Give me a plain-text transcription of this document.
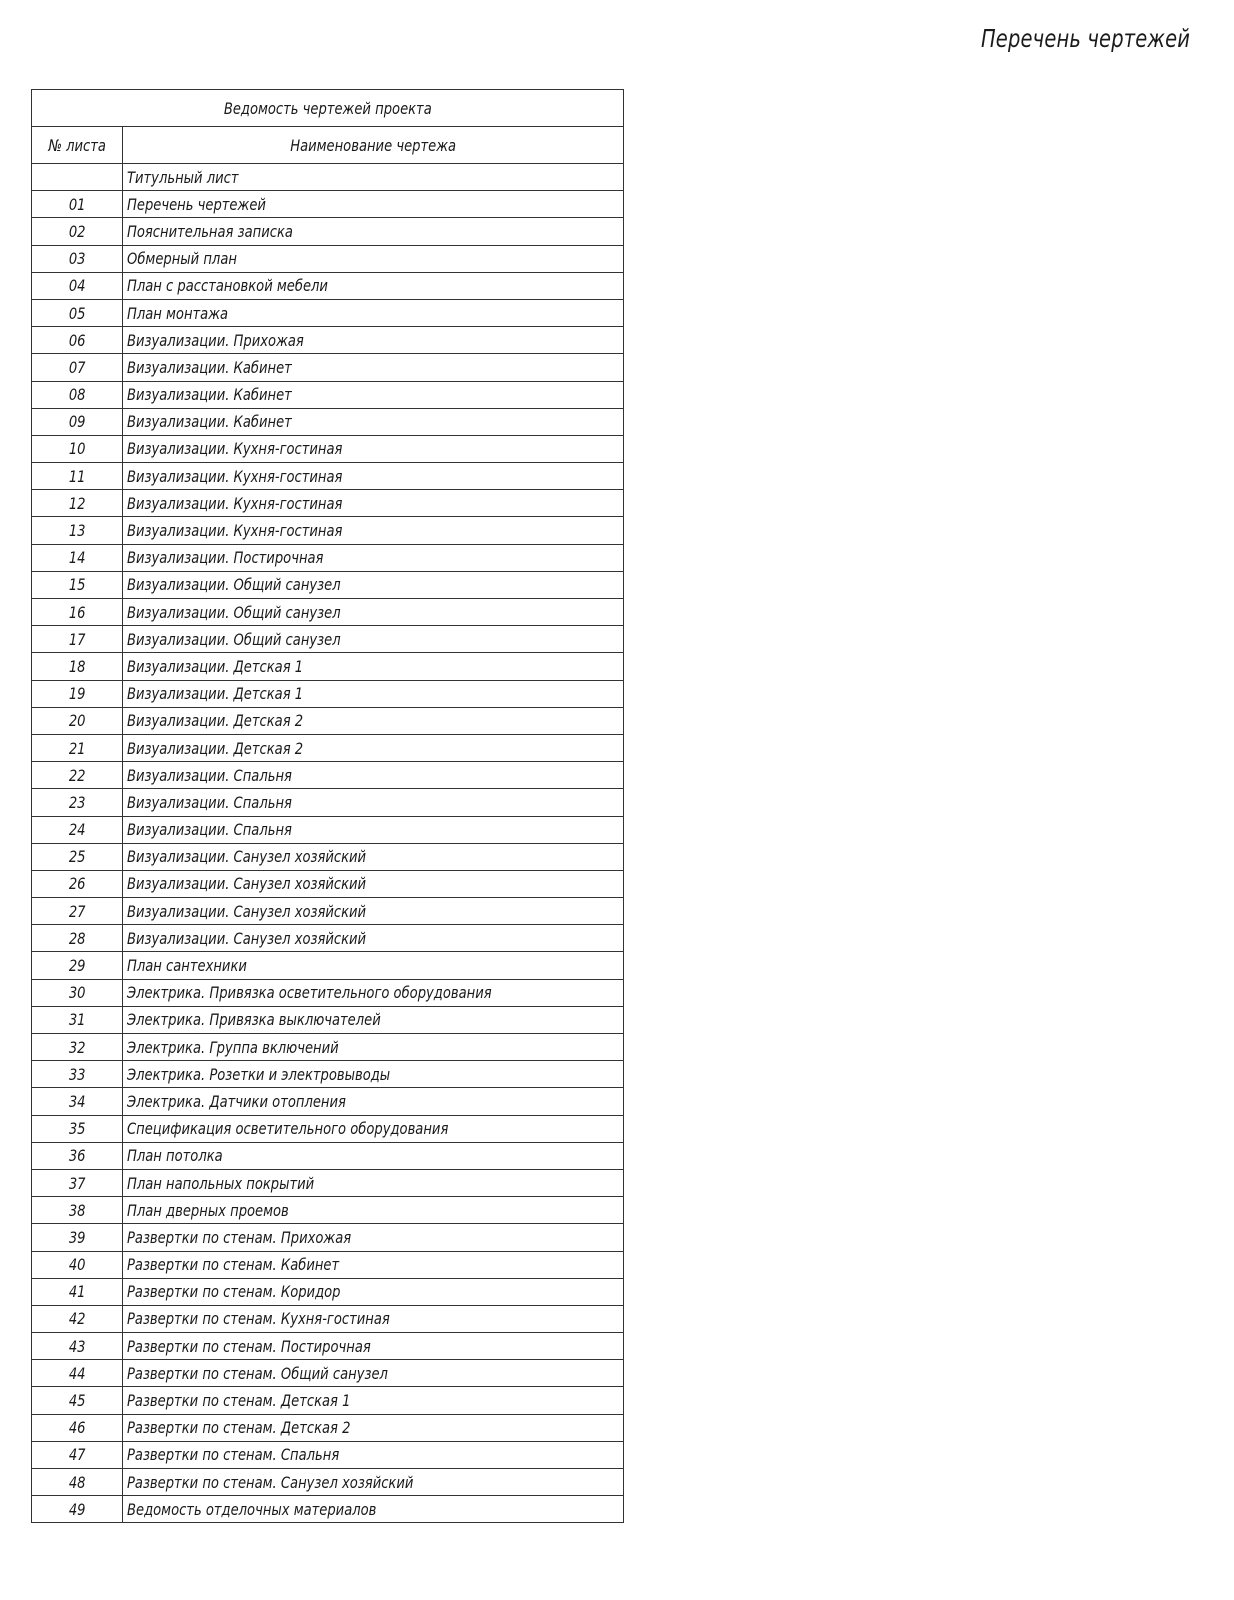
Перечень чертежей
Ведомость чертежей проекта	
№ листа	Наименование чертежа
	Титульный лист
01	Перечень чертежей
02	Пояснительная записка
03	Обмерный план
04	План с расстановкой мебели
05	План монтажа
06	Визуализации. Прихожая
07	Визуализации. Кабинет
08	Визуализации. Кабинет
09	Визуализации. Кабинет
10	Визуализации. Кухня-гостиная
11	Визуализации. Кухня-гостиная
12	Визуализации. Кухня-гостиная
13	Визуализации. Кухня-гостиная
14	Визуализации. Постирочная
15	Визуализации. Общий санузел
16	Визуализации. Общий санузел
17	Визуализации. Общий санузел
18	Визуализации. Детская 1
19	Визуализации. Детская 1
20	Визуализации. Детская 2
21	Визуализации. Детская 2
22	Визуализации. Спальня
23	Визуализации. Спальня
24	Визуализации. Спальня
25	Визуализации. Санузел хозяйский
26	Визуализации. Санузел хозяйский
27	Визуализации. Санузел хозяйский
28	Визуализации. Санузел хозяйский
29	План сантехники
30	Электрика. Привязка осветительного оборудования
31	Электрика. Привязка выключателей
32	Электрика. Группа включений
33	Электрика. Розетки и электровыводы
34	Электрика. Датчики отопления
35	Спецификация осветительного оборудования
36	План потолка
37	План напольных покрытий
38	План дверных проемов
39	Развертки по стенам. Прихожая
40	Развертки по стенам. Кабинет
41	Развертки по стенам. Коридор
42	Развертки по стенам. Кухня-гостиная
43	Развертки по стенам. Постирочная
44	Развертки по стенам. Общий санузел
45	Развертки по стенам. Детская 1
46	Развертки по стенам. Детская 2
47	Развертки по стенам. Спальня
48	Развертки по стенам. Санузел хозяйский
49	Ведомость отделочных материалов
